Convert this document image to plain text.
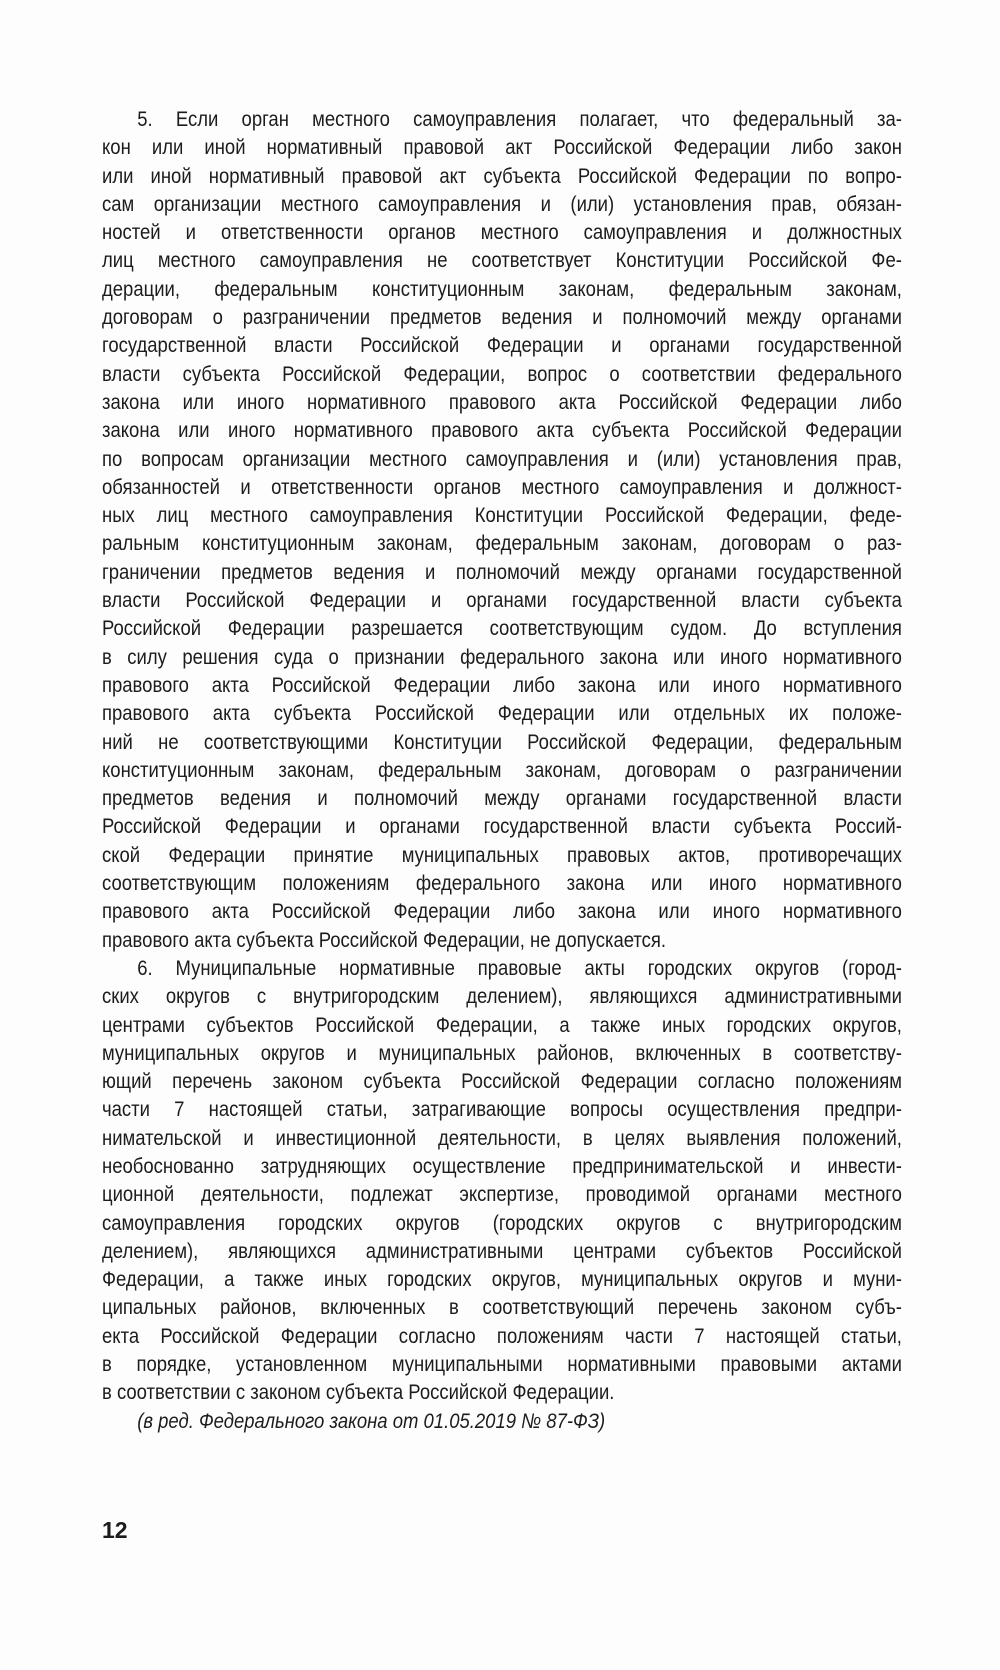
5. Если орган местного самоуправления полагает, что федеральный за-
кон или иной нормативный правовой акт Российской Федерации либо закон
или иной нормативный правовой акт субъекта Российской Федерации по вопро-
сам организации местного самоуправления и (или) установления прав, обязан-
ностей и ответственности органов местного самоуправления и должностных
лиц местного самоуправления не соответствует Конституции Российской Фе-
дерации, федеральным конституционным законам, федеральным законам,
договорам о разграничении предметов ведения и полномочий между органами
государственной власти Российской Федерации и органами государственной
власти субъекта Российской Федерации, вопрос о соответствии федерального
закона или иного нормативного правового акта Российской Федерации либо
закона или иного нормативного правового акта субъекта Российской Федерации
по вопросам организации местного самоуправления и (или) установления прав,
обязанностей и ответственности органов местного самоуправления и должност-
ных лиц местного самоуправления Конституции Российской Федерации, феде-
ральным конституционным законам, федеральным законам, договорам о раз-
граничении предметов ведения и полномочий между органами государственной
власти Российской Федерации и органами государственной власти субъекта
Российской Федерации разрешается соответствующим судом. До вступления
в силу решения суда о признании федерального закона или иного нормативного
правового акта Российской Федерации либо закона или иного нормативного
правового акта субъекта Российской Федерации или отдельных их положе-
ний не соответствующими Конституции Российской Федерации, федеральным
конституционным законам, федеральным законам, договорам о разграничении
предметов ведения и полномочий между органами государственной власти
Российской Федерации и органами государственной власти субъекта Россий-
ской Федерации принятие муниципальных правовых актов, противоречащих
соответствующим положениям федерального закона или иного нормативного
правового акта Российской Федерации либо закона или иного нормативного
правового акта субъекта Российской Федерации, не допускается.

6. Муниципальные нормативные правовые акты городских округов (город-
ских округов с внутригородским делением), являющихся административными
центрами субъектов Российской Федерации, а также иных городских округов,
муниципальных округов и муниципальных районов, включенных в соответству-
ющий перечень законом субъекта Российской Федерации согласно положениям
части 7 настоящей статьи, затрагивающие вопросы осуществления предпри-
нимательской и инвестиционной деятельности, в целях выявления положений,
необоснованно затрудняющих осуществление предпринимательской и инвести-
ционной деятельности, подлежат экспертизе, проводимой органами местного
самоуправления городских округов (городских округов с внутригородским
делением), являющихся административными центрами субъектов Российской
Федерации, а также иных городских округов, муниципальных округов и муни-
ципальных районов, включенных в соответствующий перечень законом субъ-
екта Российской Федерации согласно положениям части 7 настоящей статьи,
в порядке, установленном муниципальными нормативными правовыми актами
в соответствии с законом субъекта Российской Федерации.

(в ред. Федерального закона от 01.05.2019 № 87-ФЗ)

12
